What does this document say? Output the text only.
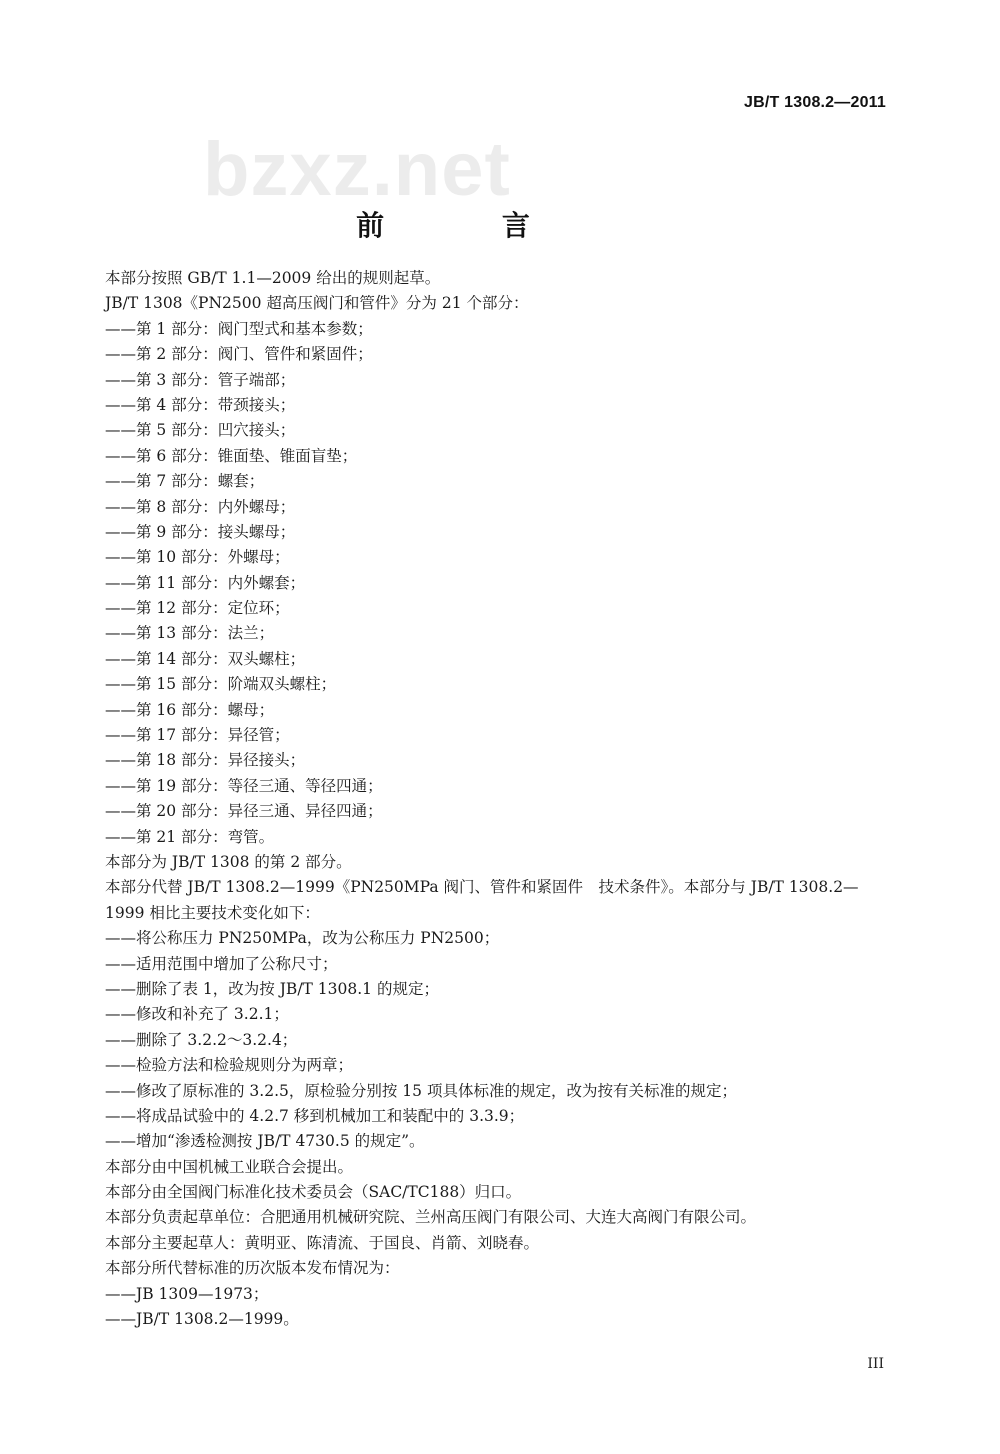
JB/T 1308.2—2011
bzxz.net
前 言
本部分按照 GB/T 1.1—2009 给出的规则起草。
JB/T 1308《PN2500 超高压阀门和管件》分为 21 个部分：
——第 1 部分：阀门型式和基本参数；
——第 2 部分：阀门、管件和紧固件；
——第 3 部分：管子端部；
——第 4 部分：带颈接头；
——第 5 部分：凹穴接头；
——第 6 部分：锥面垫、锥面盲垫；
——第 7 部分：螺套；
——第 8 部分：内外螺母；
——第 9 部分：接头螺母；
——第 10 部分：外螺母；
——第 11 部分：内外螺套；
——第 12 部分：定位环；
——第 13 部分：法兰；
——第 14 部分：双头螺柱；
——第 15 部分：阶端双头螺柱；
——第 16 部分：螺母；
——第 17 部分：异径管；
——第 18 部分：异径接头；
——第 19 部分：等径三通、等径四通；
——第 20 部分：异径三通、异径四通；
——第 21 部分：弯管。
本部分为 JB/T 1308 的第 2 部分。
本部分代替 JB/T 1308.2—1999《PN250MPa 阀门、管件和紧固件　技术条件》。本部分与 JB/T 1308.2—1999 相比主要技术变化如下：
——将公称压力 PN250MPa，改为公称压力 PN2500；
——适用范围中增加了公称尺寸；
——删除了表 1，改为按 JB/T 1308.1 的规定；
——修改和补充了 3.2.1；
——删除了 3.2.2～3.2.4；
——检验方法和检验规则分为两章；
——修改了原标准的 3.2.5，原检验分别按 15 项具体标准的规定，改为按有关标准的规定；
——将成品试验中的 4.2.7 移到机械加工和装配中的 3.3.9；
——增加“渗透检测按 JB/T 4730.5 的规定”。
本部分由中国机械工业联合会提出。
本部分由全国阀门标准化技术委员会（SAC/TC188）归口。
本部分负责起草单位：合肥通用机械研究院、兰州高压阀门有限公司、大连大高阀门有限公司。
本部分主要起草人：黄明亚、陈清流、于国良、肖箭、刘晓春。
本部分所代替标准的历次版本发布情况为：
——JB 1309—1973；
——JB/T 1308.2—1999。
III
